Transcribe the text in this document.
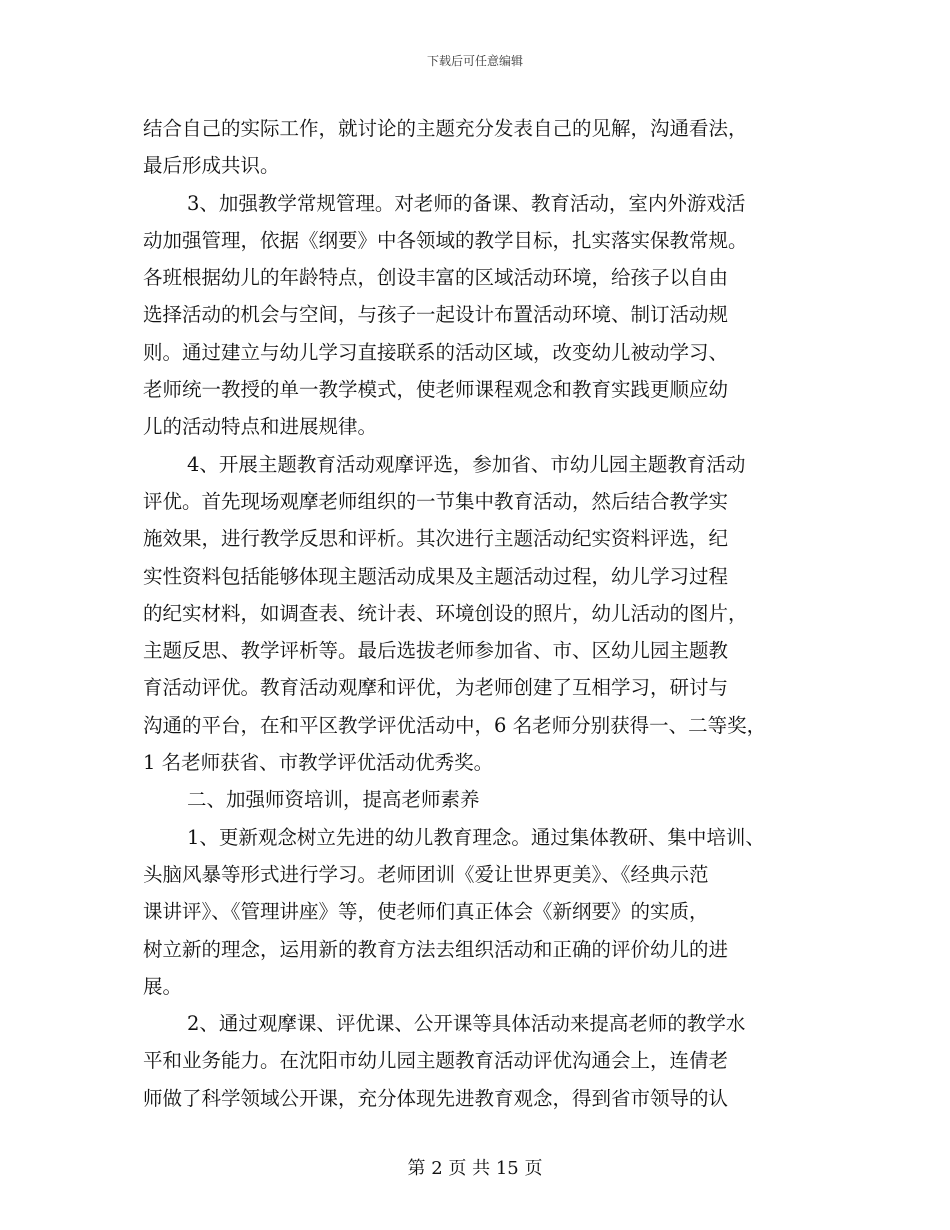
下载后可任意编辑
结合自己的实际工作，就讨论的主题充分发表自己的见解，沟通看法，
最后形成共识。
3、加强教学常规管理。对老师的备课、教育活动，室内外游戏活
动加强管理，依据《纲要》中各领域的教学目标，扎实落实保教常规。
各班根据幼儿的年龄特点，创设丰富的区域活动环境，给孩子以自由
选择活动的机会与空间，与孩子一起设计布置活动环境、制订活动规
则。通过建立与幼儿学习直接联系的活动区域，改变幼儿被动学习、
老师统一教授的单一教学模式，使老师课程观念和教育实践更顺应幼
儿的活动特点和进展规律。
4、开展主题教育活动观摩评选，参加省、市幼儿园主题教育活动
评优。首先现场观摩老师组织的一节集中教育活动，然后结合教学实
施效果，进行教学反思和评析。其次进行主题活动纪实资料评选，纪
实性资料包括能够体现主题活动成果及主题活动过程，幼儿学习过程
的纪实材料，如调查表、统计表、环境创设的照片，幼儿活动的图片，
主题反思、教学评析等。最后选拔老师参加省、市、区幼儿园主题教
育活动评优。教育活动观摩和评优，为老师创建了互相学习，研讨与
沟通的平台，在和平区教学评优活动中，6 名老师分别获得一、二等奖，
1 名老师获省、市教学评优活动优秀奖。
二、加强师资培训，提高老师素养
1、更新观念树立先进的幼儿教育理念。通过集体教研、集中培训、
头脑风暴等形式进行学习。老师团训《爱让世界更美》、《经典示范
课讲评》、《管理讲座》等，使老师们真正体会《新纲要》的实质，
树立新的理念，运用新的教育方法去组织活动和正确的评价幼儿的进
展。
2、通过观摩课、评优课、公开课等具体活动来提高老师的教学水
平和业务能力。在沈阳市幼儿园主题教育活动评优沟通会上，连倩老
师做了科学领域公开课，充分体现先进教育观念，得到省市领导的认
第 2 页 共 15 页
